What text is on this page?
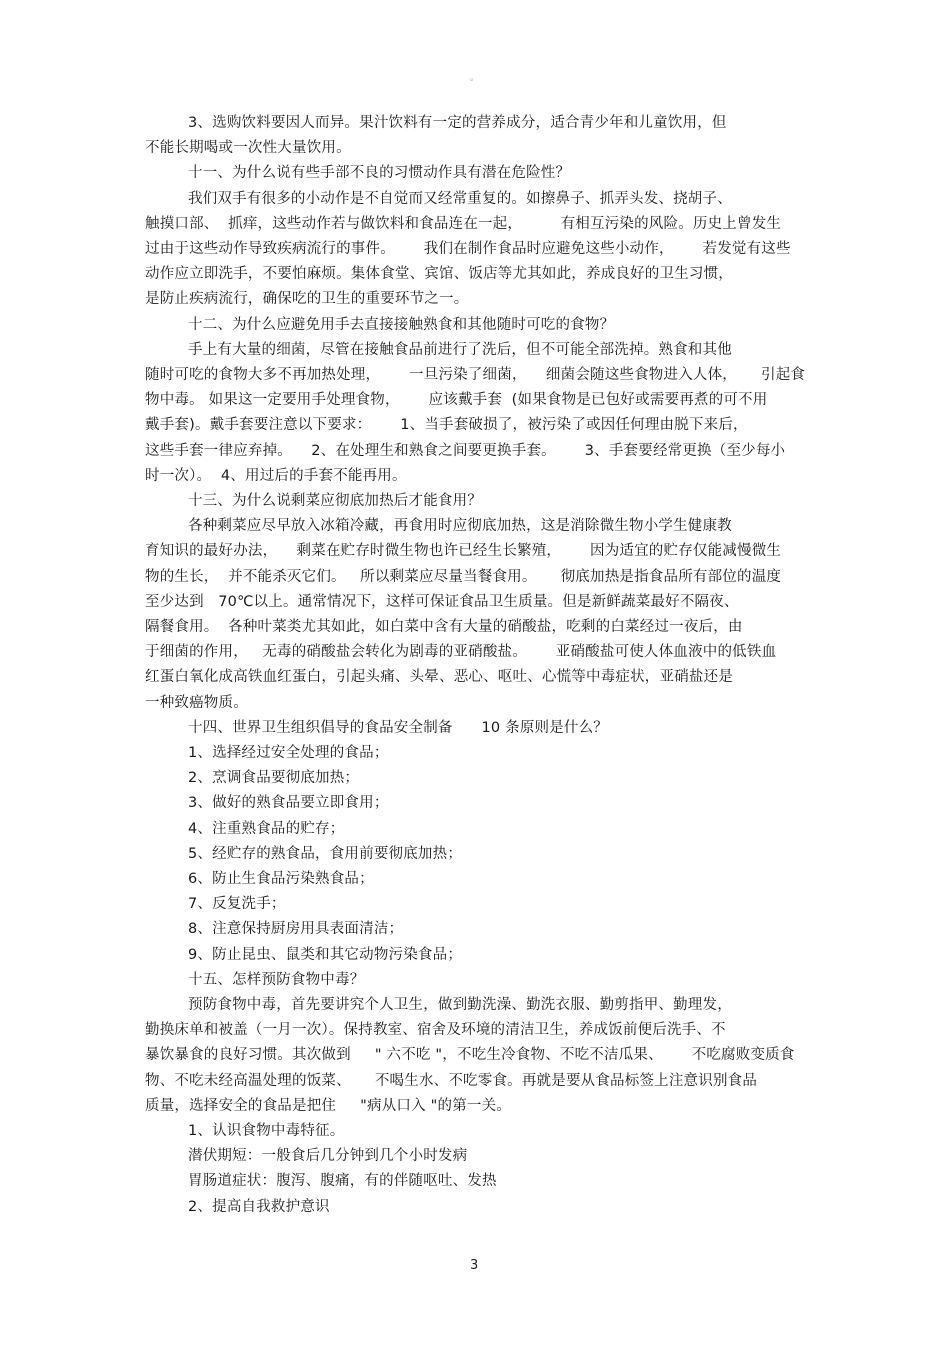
。
3、选购饮料要因人而异。果汁饮料有一定的营养成分，适合青少年和儿童饮用，但
不能长期喝或一次性大量饮用。
十一、为什么说有些手部不良的习惯动作具有潜在危险性？
我们双手有很多的小动作是不自觉而又经常重复的。如擦鼻子、抓弄头发、挠胡子、
触摸口部、  抓痒，这些动作若与做饮料和食品连在一起，        有相互污染的风险。历史上曾发生
过由于这些动作导致疾病流行的事件。      我们在制作食品时应避免这些小动作，      若发觉有这些
动作应立即洗手，不要怕麻烦。集体食堂、宾馆、饭店等尤其如此，养成良好的卫生习惯，
是防止疾病流行，确保吃的卫生的重要环节之一。
十二、为什么应避免用手去直接接触熟食和其他随时可吃的食物？
手上有大量的细菌，尽管在接触食品前进行了洗后，但不可能全部洗掉。熟食和其他
随时可吃的食物大多不再加热处理，      一旦污染了细菌，    细菌会随这些食物进入人体，     引起食
物中毒。 如果这一定要用手处理食物，      应该戴手套  (如果食物是已包好或需要再煮的可不用
戴手套)。戴手套要注意以下要求：      1、当手套破损了，被污染了或因任何理由脱下来后，
这些手套一律应弃掉。    2、在处理生和熟食之间要更换手套。      3、手套要经常更换（至少每小
时一次）。  4、用过后的手套不能再用。
十三、为什么说剩菜应彻底加热后才能食用？
各种剩菜应尽早放入冰箱冷藏，再食用时应彻底加热，这是消除微生物小学生健康教
育知识的最好办法，    剩菜在贮存时微生物也许已经生长繁殖，      因为适宜的贮存仅能减慢微生
物的生长，  并不能杀灭它们。   所以剩菜应尽量当餐食用。     彻底加热是指食品所有部位的温度
至少达到   70℃以上。通常情况下，这样可保证食品卫生质量。但是新鲜蔬菜最好不隔夜、
隔餐食用。  各种叶菜类尤其如此，如白菜中含有大量的硝酸盐，吃剩的白菜经过一夜后，由
于细菌的作用，   无毒的硝酸盐会转化为剧毒的亚硝酸盐。      亚硝酸盐可使人体血液中的低铁血
红蛋白氧化成高铁血红蛋白，引起头痛、头晕、恶心、呕吐、心慌等中毒症状，亚硝盐还是
一种致癌物质。
十四、世界卫生组织倡导的食品安全制备      10 条原则是什么？
1、选择经过安全处理的食品；
2、烹调食品要彻底加热；
3、做好的熟食品要立即食用；
4、注重熟食品的贮存；
5、经贮存的熟食品，食用前要彻底加热；
6、防止生食品污染熟食品；
7、反复洗手；
8、注意保持厨房用具表面清洁；
9、防止昆虫、鼠类和其它动物污染食品；
十五、怎样预防食物中毒？
预防食物中毒，首先要讲究个人卫生，做到勤洗澡、勤洗衣服、勤剪指甲、勤理发，
勤换床单和被盖（一月一次）。保持教室、宿舍及环境的清洁卫生，养成饭前便后洗手、不
暴饮暴食的良好习惯。其次做到     " 六不吃 "，不吃生冷食物、不吃不洁瓜果、      不吃腐败变质食
物、不吃未经高温处理的饭菜、     不喝生水、不吃零食。再就是要从食品标签上注意识别食品
质量，选择安全的食品是把住     "病从口入 "的第一关。
1、认识食物中毒特征。
潜伏期短：一般食后几分钟到几个小时发病
胃肠道症状：腹泻、腹痛，有的伴随呕吐、发热
2、提高自我救护意识
3
